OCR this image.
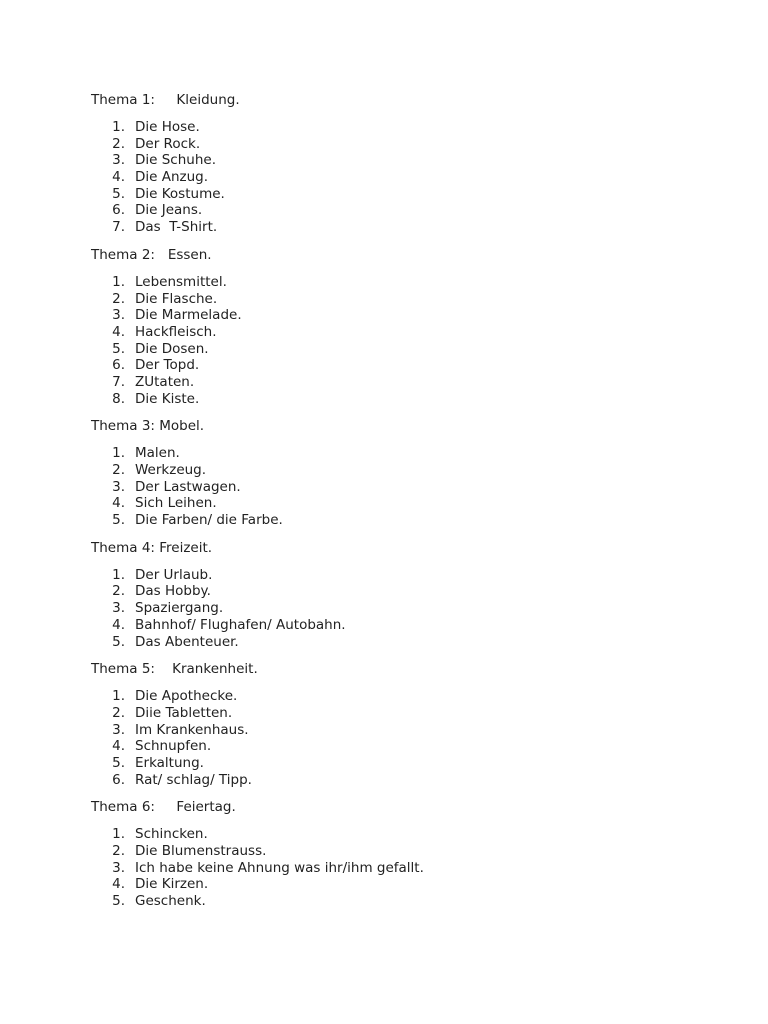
Thema 1:     Kleidung.
1. Die Hose.
2. Der Rock.
3. Die Schuhe.
4. Die Anzug.
5. Die Kostume.
6. Die Jeans.
7. Das  T-Shirt.
Thema 2:   Essen.
1. Lebensmittel.
2. Die Flasche.
3. Die Marmelade.
4. Hackfleisch.
5. Die Dosen.
6. Der Topd.
7. ZUtaten.
8. Die Kiste.
Thema 3: Mobel.
1. Malen.
2. Werkzeug.
3. Der Lastwagen.
4. Sich Leihen.
5. Die Farben/ die Farbe.
Thema 4: Freizeit.
1. Der Urlaub.
2. Das Hobby.
3. Spaziergang.
4. Bahnhof/ Flughafen/ Autobahn.
5. Das Abenteuer.
Thema 5:    Krankenheit.
1. Die Apothecke.
2. Diie Tabletten.
3. Im Krankenhaus.
4. Schnupfen.
5. Erkaltung.
6. Rat/ schlag/ Tipp.
Thema 6:     Feiertag.
1. Schincken.
2. Die Blumenstrauss.
3. Ich habe keine Ahnung was ihr/ihm gefallt.
4. Die Kirzen.
5. Geschenk.
